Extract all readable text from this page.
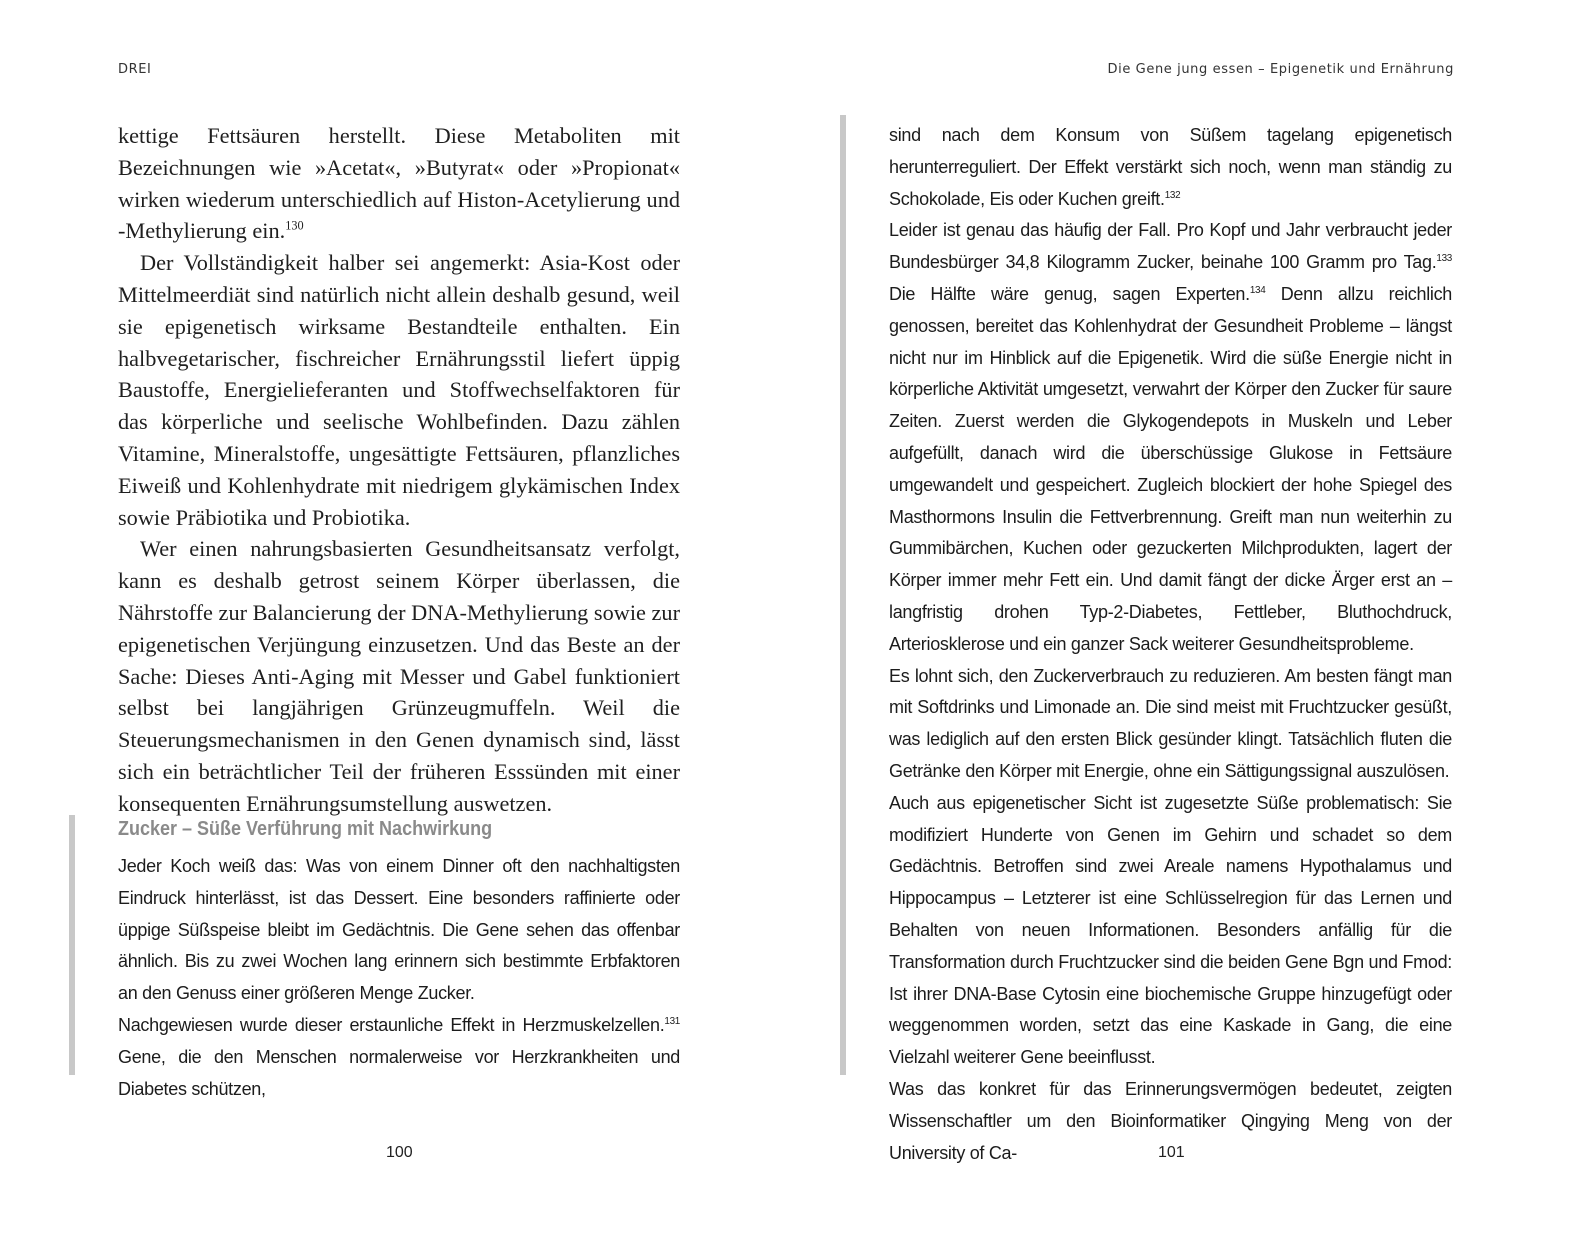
DREI

kettige Fettsäuren herstellt. Diese Metaboliten mit Bezeichnungen wie »Acetat«, »Butyrat« oder »Propionat« wirken wiederum unterschiedlich auf Histon-Acetylierung und -Methylierung ein.$^{130}$

Der Vollständigkeit halber sei angemerkt: Asia-Kost oder Mittelmeerdiät sind natürlich nicht allein deshalb gesund, weil sie epigenetisch wirksame Bestandteile enthalten. Ein halbvegetarischer, fischreicher Ernährungsstil liefert üppig Baustoffe, Energielieferanten und Stoffwechselfaktoren für das körperliche und seelische Wohlbefinden. Dazu zählen Vitamine, Mineralstoffe, ungesättigte Fettsäuren, pflanzliches Eiweiß und Kohlenhydrate mit niedrigem glykämischen Index sowie Präbiotika und Probiotika.

Wer einen nahrungsbasierten Gesundheitsansatz verfolgt, kann es deshalb getrost seinem Körper überlassen, die Nährstoffe zur Balancierung der DNA-Methylierung sowie zur epigenetischen Verjüngung einzusetzen. Und das Beste an der Sache: Dieses Anti-Aging mit Messer und Gabel funktioniert selbst bei langjährigen Grünzeugmuffeln. Weil die Steuerungsmechanismen in den Genen dynamisch sind, lässt sich ein beträchtlicher Teil der früheren Esssünden mit einer konsequenten Ernährungsumstellung auswetzen.

Zucker – Süße Verführung mit Nachwirkung

Jeder Koch weiß das: Was von einem Dinner oft den nachhaltigsten Eindruck hinterlässt, ist das Dessert. Eine besonders raffinierte oder üppige Süßspeise bleibt im Gedächtnis. Die Gene sehen das offenbar ähnlich. Bis zu zwei Wochen lang erinnern sich bestimmte Erbfaktoren an den Genuss einer größeren Menge Zucker.

Nachgewiesen wurde dieser erstaunliche Effekt in Herzmuskelzellen.$^{131}$ Gene, die den Menschen normalerweise vor Herzkrankheiten und Diabetes schützen,

100
Die Gene jung essen – Epigenetik und Ernährung

sind nach dem Konsum von Süßem tagelang epigenetisch herunterreguliert. Der Effekt verstärkt sich noch, wenn man ständig zu Schokolade, Eis oder Kuchen greift.$^{132}$

Leider ist genau das häufig der Fall. Pro Kopf und Jahr verbraucht jeder Bundesbürger 34,8 Kilogramm Zucker, beinahe 100 Gramm pro Tag.$^{133}$ Die Hälfte wäre genug, sagen Experten.$^{134}$ Denn allzu reichlich genossen, bereitet das Kohlenhydrat der Gesundheit Probleme – längst nicht nur im Hinblick auf die Epigenetik. Wird die süße Energie nicht in körperliche Aktivität umgesetzt, verwahrt der Körper den Zucker für saure Zeiten. Zuerst werden die Glykogendepots in Muskeln und Leber aufgefüllt, danach wird die überschüssige Glukose in Fettsäure umgewandelt und gespeichert. Zugleich blockiert der hohe Spiegel des Masthormons Insulin die Fettverbrennung. Greift man nun weiterhin zu Gummibärchen, Kuchen oder gezuckerten Milchprodukten, lagert der Körper immer mehr Fett ein. Und damit fängt der dicke Ärger erst an – langfristig drohen Typ-2-Diabetes, Fettleber, Bluthochdruck, Arteriosklerose und ein ganzer Sack weiterer Gesundheitsprobleme.

Es lohnt sich, den Zuckerverbrauch zu reduzieren. Am besten fängt man mit Softdrinks und Limonade an. Die sind meist mit Fruchtzucker gesüßt, was lediglich auf den ersten Blick gesünder klingt. Tatsächlich fluten die Getränke den Körper mit Energie, ohne ein Sättigungssignal auszulösen.

Auch aus epigenetischer Sicht ist zugesetzte Süße problematisch: Sie modifiziert Hunderte von Genen im Gehirn und schadet so dem Gedächtnis. Betroffen sind zwei Areale namens Hypothalamus und Hippocampus – Letzterer ist eine Schlüsselregion für das Lernen und Behalten von neuen Informationen. Besonders anfällig für die Transformation durch Fruchtzucker sind die beiden Gene Bgn und Fmod: Ist ihrer DNA-Base Cytosin eine biochemische Gruppe hinzugefügt oder weggenommen worden, setzt das eine Kaskade in Gang, die eine Vielzahl weiterer Gene beeinflusst.

Was das konkret für das Erinnerungsvermögen bedeutet, zeigten Wissenschaftler um den Bioinformatiker Qingying Meng von der University of Ca-	101
